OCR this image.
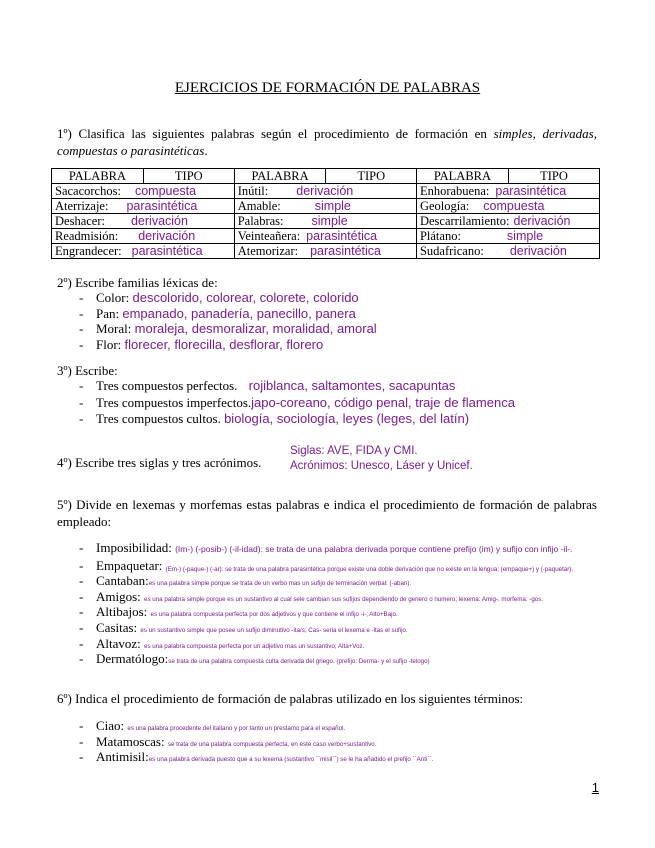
EJERCICIOS DE FORMACIÓN DE PALABRAS
1º) Clasifica las siguientes palabras según el procedimiento de formación en simples, derivadas, compuestas o parasintéticas.
PALABRA	TIPO	PALABRA	TIPO	PALABRA	TIPO
Sacacorchos: compuesta		Inútil: derivación		Enhorabuena: parasintética	
Aterrizaje: parasintética		Amable: simple		Geología: compuesta	
Deshacer: derivación		Palabras: simple		Descarrilamiento: derivación	
Readmisión: derivación		Veinteañera: parasintética		Plátano: simple	
Engrandecer: parasintética		Atemorizar: parasintética		Sudafricano: derivación	
2º) Escribe familias léxicas de:
- Color: descolorido, colorear, colorete, colorido
- Pan: empanado, panadería, panecillo, panera
- Moral: moraleja, desmoralizar, moralidad, amoral
- Flor: florecer, florecilla, desflorar, florero
3º) Escribe:
- Tres compuestos perfectos. rojiblanca, saltamontes, sacapuntas
- Tres compuestos imperfectos.japo-coreano, código penal, traje de flamenca
- Tres compuestos cultos. biología, sociología, leyes (leges, del latín)
4º) Escribe tres siglas y tres acrónimos.
Siglas: AVE, FIDA y CMI.
Acrónimos: Unesco, Láser y Unicef.
5º) Divide en lexemas y morfemas estas palabras e indica el procedimiento de formación de palabras empleado:
- Imposibilidad: (Im-) (-posib-) (-il-idad): se trata de una palabra derivada porque contiene prefijo (im) y sufijo con infijo -il-.
- Empaquetar: (Em-) (-paque-) (-ar): se trata de una palabra parasintética porque existe una doble derivación que no existe en la lengua; (empaque+) y (-paquetar).
- Cantaban:es una palabra simple porque se trata de un verbo mas un sufijo de terminación verbal: (-aban).
- Amigos: es una palabra simple porque es un sustantivo al cual sele cambian sus sufijos dependiendo de genero o numero; lexema: Amig-, morfema: -gos.
- Altibajos: es una palabra compuesta perfecta por dos adjetivos y que contiene el infijo -i-; Alto+Bajo.
- Casitas: es un sustantivo simple que posee un sufijo diminutivo -ita/s; Cas- seria el lexema e -itas el sufijo.
- Altavoz: es una palabra compuesta perfecta por un adjetivo mas un sustantivo; Alta+Voz.
- Dermatólogo:se trata de una palabra compuesta culta derivada del griego. (prefijo: Derma- y el sufijo -telogo)
6º) Indica el procedimiento de formación de palabras utilizado en los siguientes términos:
- Ciao: es una palabra procedente del italiano y por tanto un prestamo para el español.
- Matamoscas: se trata de una palabra compuesta perfecta, en este caso verbo+sustantivo.
- Antimisil:es una palabra derivada puesto que a su lexema (sustantivo ``misil``) se le ha añadido el prefijo ``Anti``.
1
